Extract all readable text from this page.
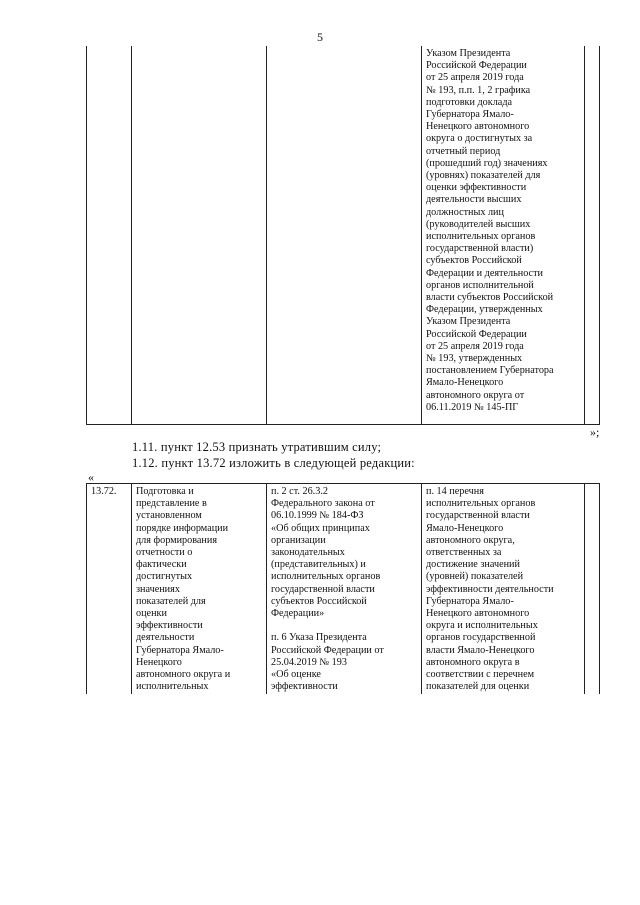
5
Указом Президента
Российской Федерации
от 25 апреля 2019 года
№ 193, п.п. 1, 2 графика
подготовки доклада
Губернатора Ямало-
Ненецкого автономного
округа о достигнутых за
отчетный период
(прошедший год) значениях
(уровнях) показателей для
оценки эффективности
деятельности высших
должностных лиц
(руководителей высших
исполнительных органов
государственной власти)
субъектов Российской
Федерации и деятельности
органов исполнительной
власти субъектов Российской
Федерации, утвержденных
Указом Президента
Российской Федерации
от 25 апреля 2019 года
№ 193, утвержденных
постановлением Губернатора
Ямало-Ненецкого
автономного округа от
06.11.2019 № 145-ПГ
»;
1.11. пункт 12.53 признать утратившим силу;
1.12. пункт 13.72 изложить в следующей редакции:
«
13.72.	Подготовка и
представление в
установленном
порядке информации
для формирования
отчетности о
фактически
достигнутых
значениях
показателей для
оценки
эффективности
деятельности
Губернатора Ямало-
Ненецкого
автономного округа и
исполнительных
п. 2 ст. 26.3.2
Федерального закона от
06.10.1999 № 184-ФЗ
«Об общих принципах
организации
законодательных
(представительных) и
исполнительных органов
государственной власти
субъектов Российской
Федерации»

п. 6 Указа Президента
Российской Федерации от
25.04.2019 № 193
«Об оценке
эффективности
п. 14 перечня
исполнительных органов
государственной власти
Ямало-Ненецкого
автономного округа,
ответственных за
достижение значений
(уровней) показателей
эффективности деятельности
Губернатора Ямало-
Ненецкого автономного
округа и исполнительных
органов государственной
власти Ямало-Ненецкого
автономного округа в
соответствии с перечнем
показателей для оценки
